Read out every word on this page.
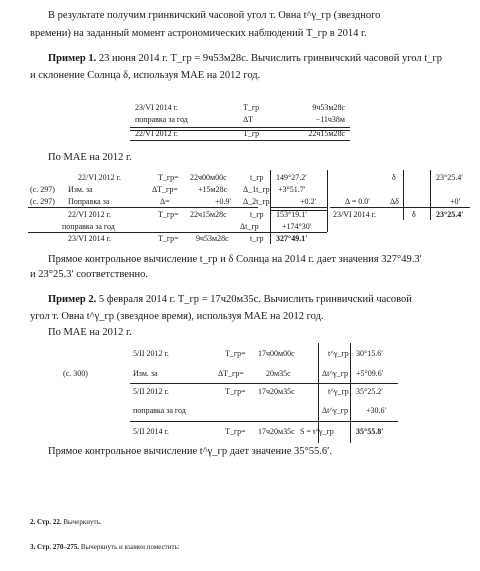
В результате получим гринвичский часовой угол т. Овна t^γ_гр (звездного
времени) на заданный момент астрономических наблюдений T_гр в 2014 г.
Пример 1. 23 июня 2014 г. T_гр = 9ч53м28с. Вычислить гринвичский часовой угол t_гр
и склонение Солнца δ, используя МАЕ на 2012 год.
23/VI 2014 г.	T_гр	9ч53м28с
поправка за год	ΔT	−11ч38м
22/VI 2012 г.	T_гр	22ч15м28с
По МАЕ на 2012 г.
22/VI 2012 г.	T_гр= 22ч00м00с	t_гр 149°27.2′	δ	23°25.4′
(с. 297) Изм. за	ΔT_гр=	+15м28с Δ_1t_гр +3°51.7′
(с. 297) Поправка за	Δ=	+0.9′ Δ_2t_гр	+0.2′	Δ = 0.0′	Δδ	+0′
22/VI 2012 г.	T_гр= 22ч15м28с	t_гр 153°19.1′	23/VI 2014 г.	δ	23°25.4′
поправка за год	Δt_гр	+174°30′
23/VI 2014 г.	T_гр= 9ч53м28с	t_гр 327°49.1′
Прямое контрольное вычисление t_гр и δ Солнца на 2014 г. дает значения 327°49.3′
и 23°25.3′ соответственно.
Пример 2. 5 февраля 2014 г. T_гр = 17ч20м35с. Вычислить гринвичский часовой
угол т. Овна t^γ_гр (звездное время), используя МАЕ на 2012 год.
По МАЕ на 2012 г.
5/II 2012 г.	T_гр= 17ч00м00с	t^γ_гр 30°15.6′
(с. 300)	Изм. за	ΔT_гр=	20м35с	Δt^γ_гр +5°09.6′
5/II 2012 г.	T_гр= 17ч20м35с	t^γ_гр 35°25.2′
поправка за год	Δt^γ_гр +30.6′
5/II 2014 г.	T_гр= 17ч20м35с S = t^γ_гр	35°55.8′
Прямое контрольное вычисление t^γ_гр дает значение 35°55.6′.
2. Стр. 22. Вычеркнуть.
3. Стр. 270–275. Вычеркнуть и взамен поместить:
